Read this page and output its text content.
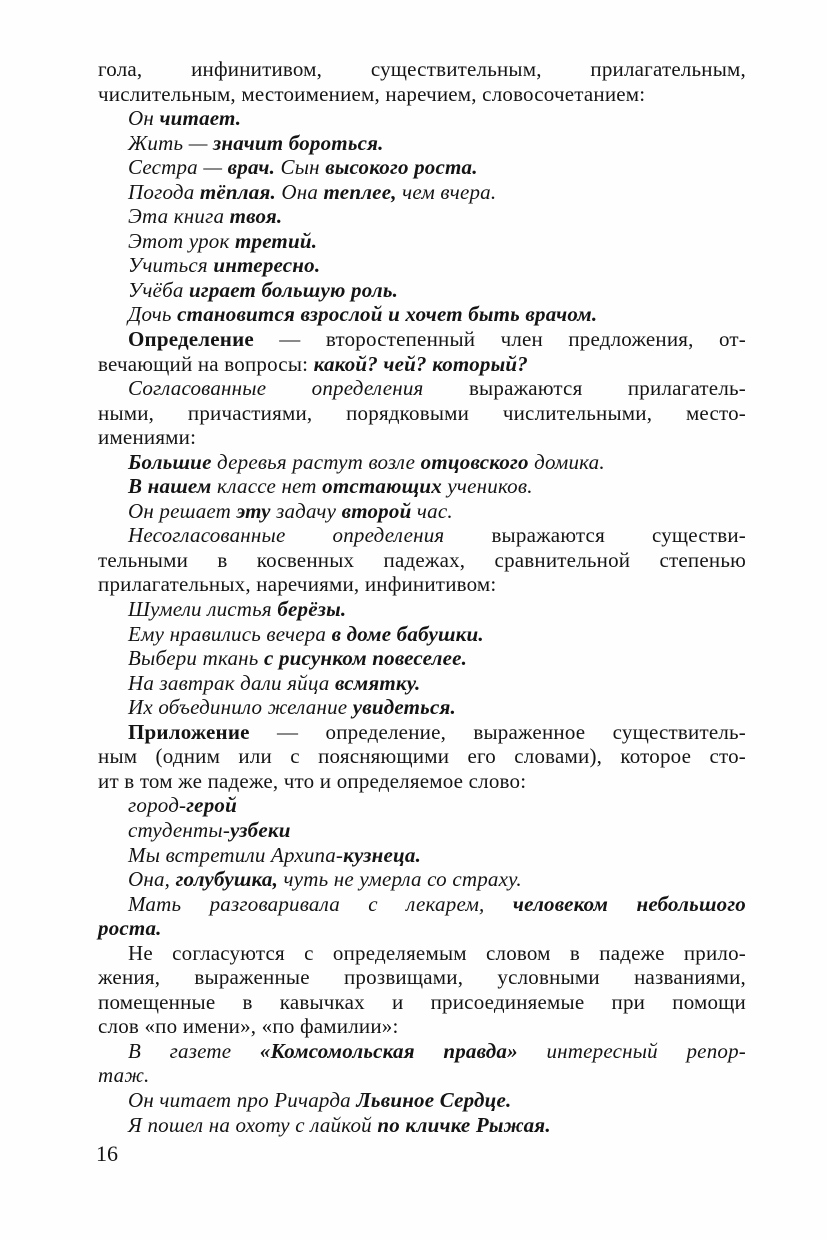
гола, инфинитивом, существительным, прилагательным,
числительным, местоимением, наречием, словосочетанием:
Он читает.
Жить — значит бороться.
Сестра — врач. Сын высокого роста.
Погода тёплая. Она теплее, чем вчера.
Эта книга твоя.
Этот урок третий.
Учиться интересно.
Учёба играет большую роль.
Дочь становится взрослой и хочет быть врачом.
Определение — второстепенный член предложения, от-
вечающий на вопросы: какой? чей? который?
Согласованные определения выражаются прилагатель-
ными, причастиями, порядковыми числительными, место-
имениями:
Большие деревья растут возле отцовского домика.
В нашем классе нет отстающих учеников.
Он решает эту задачу второй час.
Несогласованные определения выражаются существи-
тельными в косвенных падежах, сравнительной степенью
прилагательных, наречиями, инфинитивом:
Шумели листья берёзы.
Ему нравились вечера в доме бабушки.
Выбери ткань с рисунком повеселее.
На завтрак дали яйца всмятку.
Их объединило желание увидеться.
Приложение — определение, выраженное существитель-
ным (одним или с поясняющими его словами), которое сто-
ит в том же падеже, что и определяемое слово:
город-герой
студенты-узбеки
Мы встретили Архипа-кузнеца.
Она, голубушка, чуть не умерла со страху.
Мать разговаривала с лекарем, человеком небольшого
роста.
Не согласуются с определяемым словом в падеже прило-
жения, выраженные прозвищами, условными названиями,
помещенные в кавычках и присоединяемые при помощи
слов «по имени», «по фамилии»:
В газете «Комсомольская правда» интересный репор-
таж.
Он читает про Ричарда Львиное Сердце.
Я пошел на охоту с лайкой по кличке Рыжая.
16
